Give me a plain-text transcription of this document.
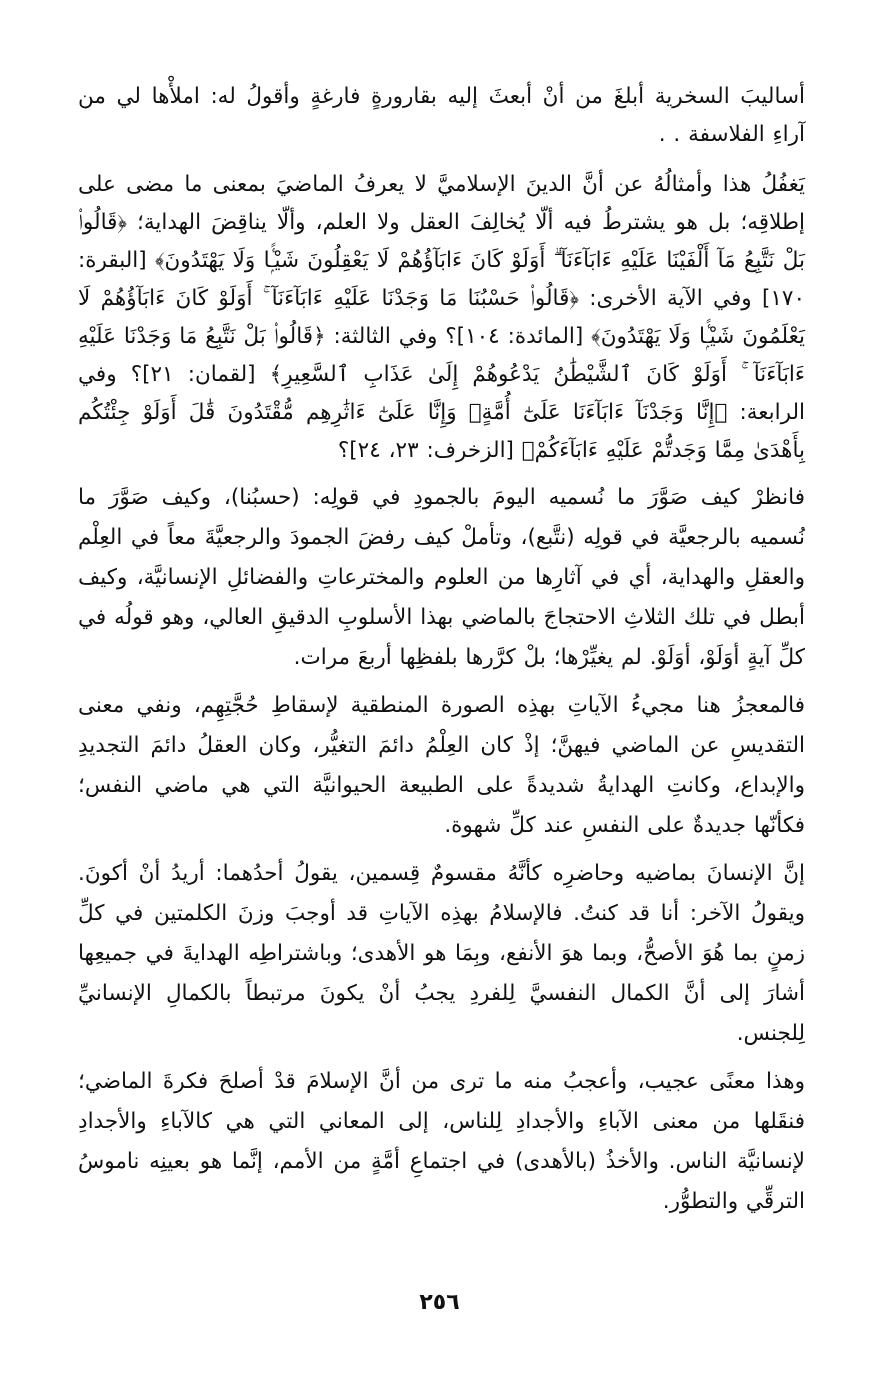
أساليبَ السخرية أبلغَ من أنْ أبعثَ إليه بقارورةٍ فارغةٍ وأقولُ له: املأْها لي من آراءِ الفلاسفة . .

يَغفُلُ هذا وأمثالُهُ عن أنَّ الدينَ الإسلاميَّ لا يعرفُ الماضيَ بمعنى ما مضى على إطلاقِه؛ بل هو يشترطُ فيه ألّا يُخالِفَ العقل ولا العلم، وألّا يناقِضَ الهداية؛ ﴿قَالُوا۟ بَلْ نَتَّبِعُ مَآ أَلْفَيْنَا عَلَيْهِ ءَابَآءَنَآ ۗ أَوَلَوْ كَانَ ءَابَآؤُهُمْ لَا يَعْقِلُونَ شَيْـًۭٔا وَلَا يَهْتَدُونَ﴾ [البقرة: ١٧٠] وفي الآية الأخرى: ﴿قَالُوا۟ حَسْبُنَا مَا وَجَدْنَا عَلَيْهِ ءَابَآءَنَآ ۚ أَوَلَوْ كَانَ ءَابَآؤُهُمْ لَا يَعْلَمُونَ شَيْـًۭٔا وَلَا يَهْتَدُونَ﴾ [المائدة: ١٠٤]؟ وفي الثالثة: ﴿قَالُوا۟ بَلْ نَتَّبِعُ مَا وَجَدْنَا عَلَيْهِ ءَابَآءَنَآ ۚ أَوَلَوْ كَانَ ٱلشَّيْطَٰنُ يَدْعُوهُمْ إِلَىٰ عَذَابِ ٱلسَّعِيرِ﴾ [لقمان: ٢١]؟ وفي الرابعة: ﴿إِنَّا وَجَدْنَآ ءَابَآءَنَا عَلَىٰٓ أُمَّةٍۢ وَإِنَّا عَلَىٰٓ ءَاثَٰرِهِم مُّقْتَدُونَ قَٰلَ أَوَلَوْ جِئْتُكُم بِأَهْدَىٰ مِمَّا وَجَدتُّمْ عَلَيْهِ ءَابَآءَكُمْ﴾ [الزخرف: ٢٣، ٢٤]؟

فانظرْ كيف صَوَّرَ ما نُسميه اليومَ بالجمودِ في قولِه: (حسبُنا)، وكيف صَوَّرَ ما نُسميه بالرجعيَّة في قولِه (نتَّبع)، وتأملْ كيف رفضَ الجمودَ والرجعيَّةَ معاً في العِلْم والعقلِ والهداية، أي في آثارِها من العلوم والمخترعاتِ والفضائلِ الإنسانيَّة، وكيف أبطل في تلك الثلاثِ الاحتجاجَ بالماضي بهذا الأسلوبِ الدقيقِ العالي، وهو قولُه في كلِّ آيةٍ أوَلَوْ، أوَلَوْ. لم يغيِّرْها؛ بلْ كرَّرها بلفظِها أربعَ مرات.

فالمعجزُ هنا مجيءُ الآياتِ بهذِه الصورة المنطقية لإسقاطِ حُجَّتِهِم، ونفي معنى التقديسِ عن الماضي فيهنَّ؛ إذْ كان العِلْمُ دائمَ التغيُّر، وكان العقلُ دائمَ التجديدِ والإبداع، وكانتِ الهدايةُ شديدةً على الطبيعة الحيوانيَّة التي هي ماضي النفس؛ فكأنّها جديدةٌ على النفسِ عند كلِّ شهوة.

إنَّ الإنسانَ بماضيه وحاضرِه كأنَّهُ مقسومٌ قِسمين، يقولُ أحدُهما: أريدُ أنْ أكونَ. ويقولُ الآخر: أنا قد كنتُ. فالإسلامُ بهذِه الآياتِ قد أوجبَ وزنَ الكلمتين في كلِّ زمنٍ بما هُوَ الأصحُّ، وبما هوَ الأنفع، وبِمَا هو الأهدى؛ وباشتراطِه الهدايةَ في جميعِها أشارَ إلى أنَّ الكمال النفسيَّ لِلفردِ يجبُ أنْ يكونَ مرتبطاً بالكمالِ الإنسانيِّ لِلجنس.

وهذا معنًى عجيب، وأعجبُ منه ما ترى من أنَّ الإسلامَ قدْ أصلحَ فكرةَ الماضي؛ فنقَلها من معنى الآباءِ والأجدادِ لِلناس، إلى المعاني التي هي كالآباءِ والأجدادِ لإنسانيَّة الناس. والأخذُ (بالأهدى) في اجتماعِ أمَّةٍ من الأمم، إنَّما هو بعينِه ناموسُ الترقِّي والتطوُّر.

٢٥٦
